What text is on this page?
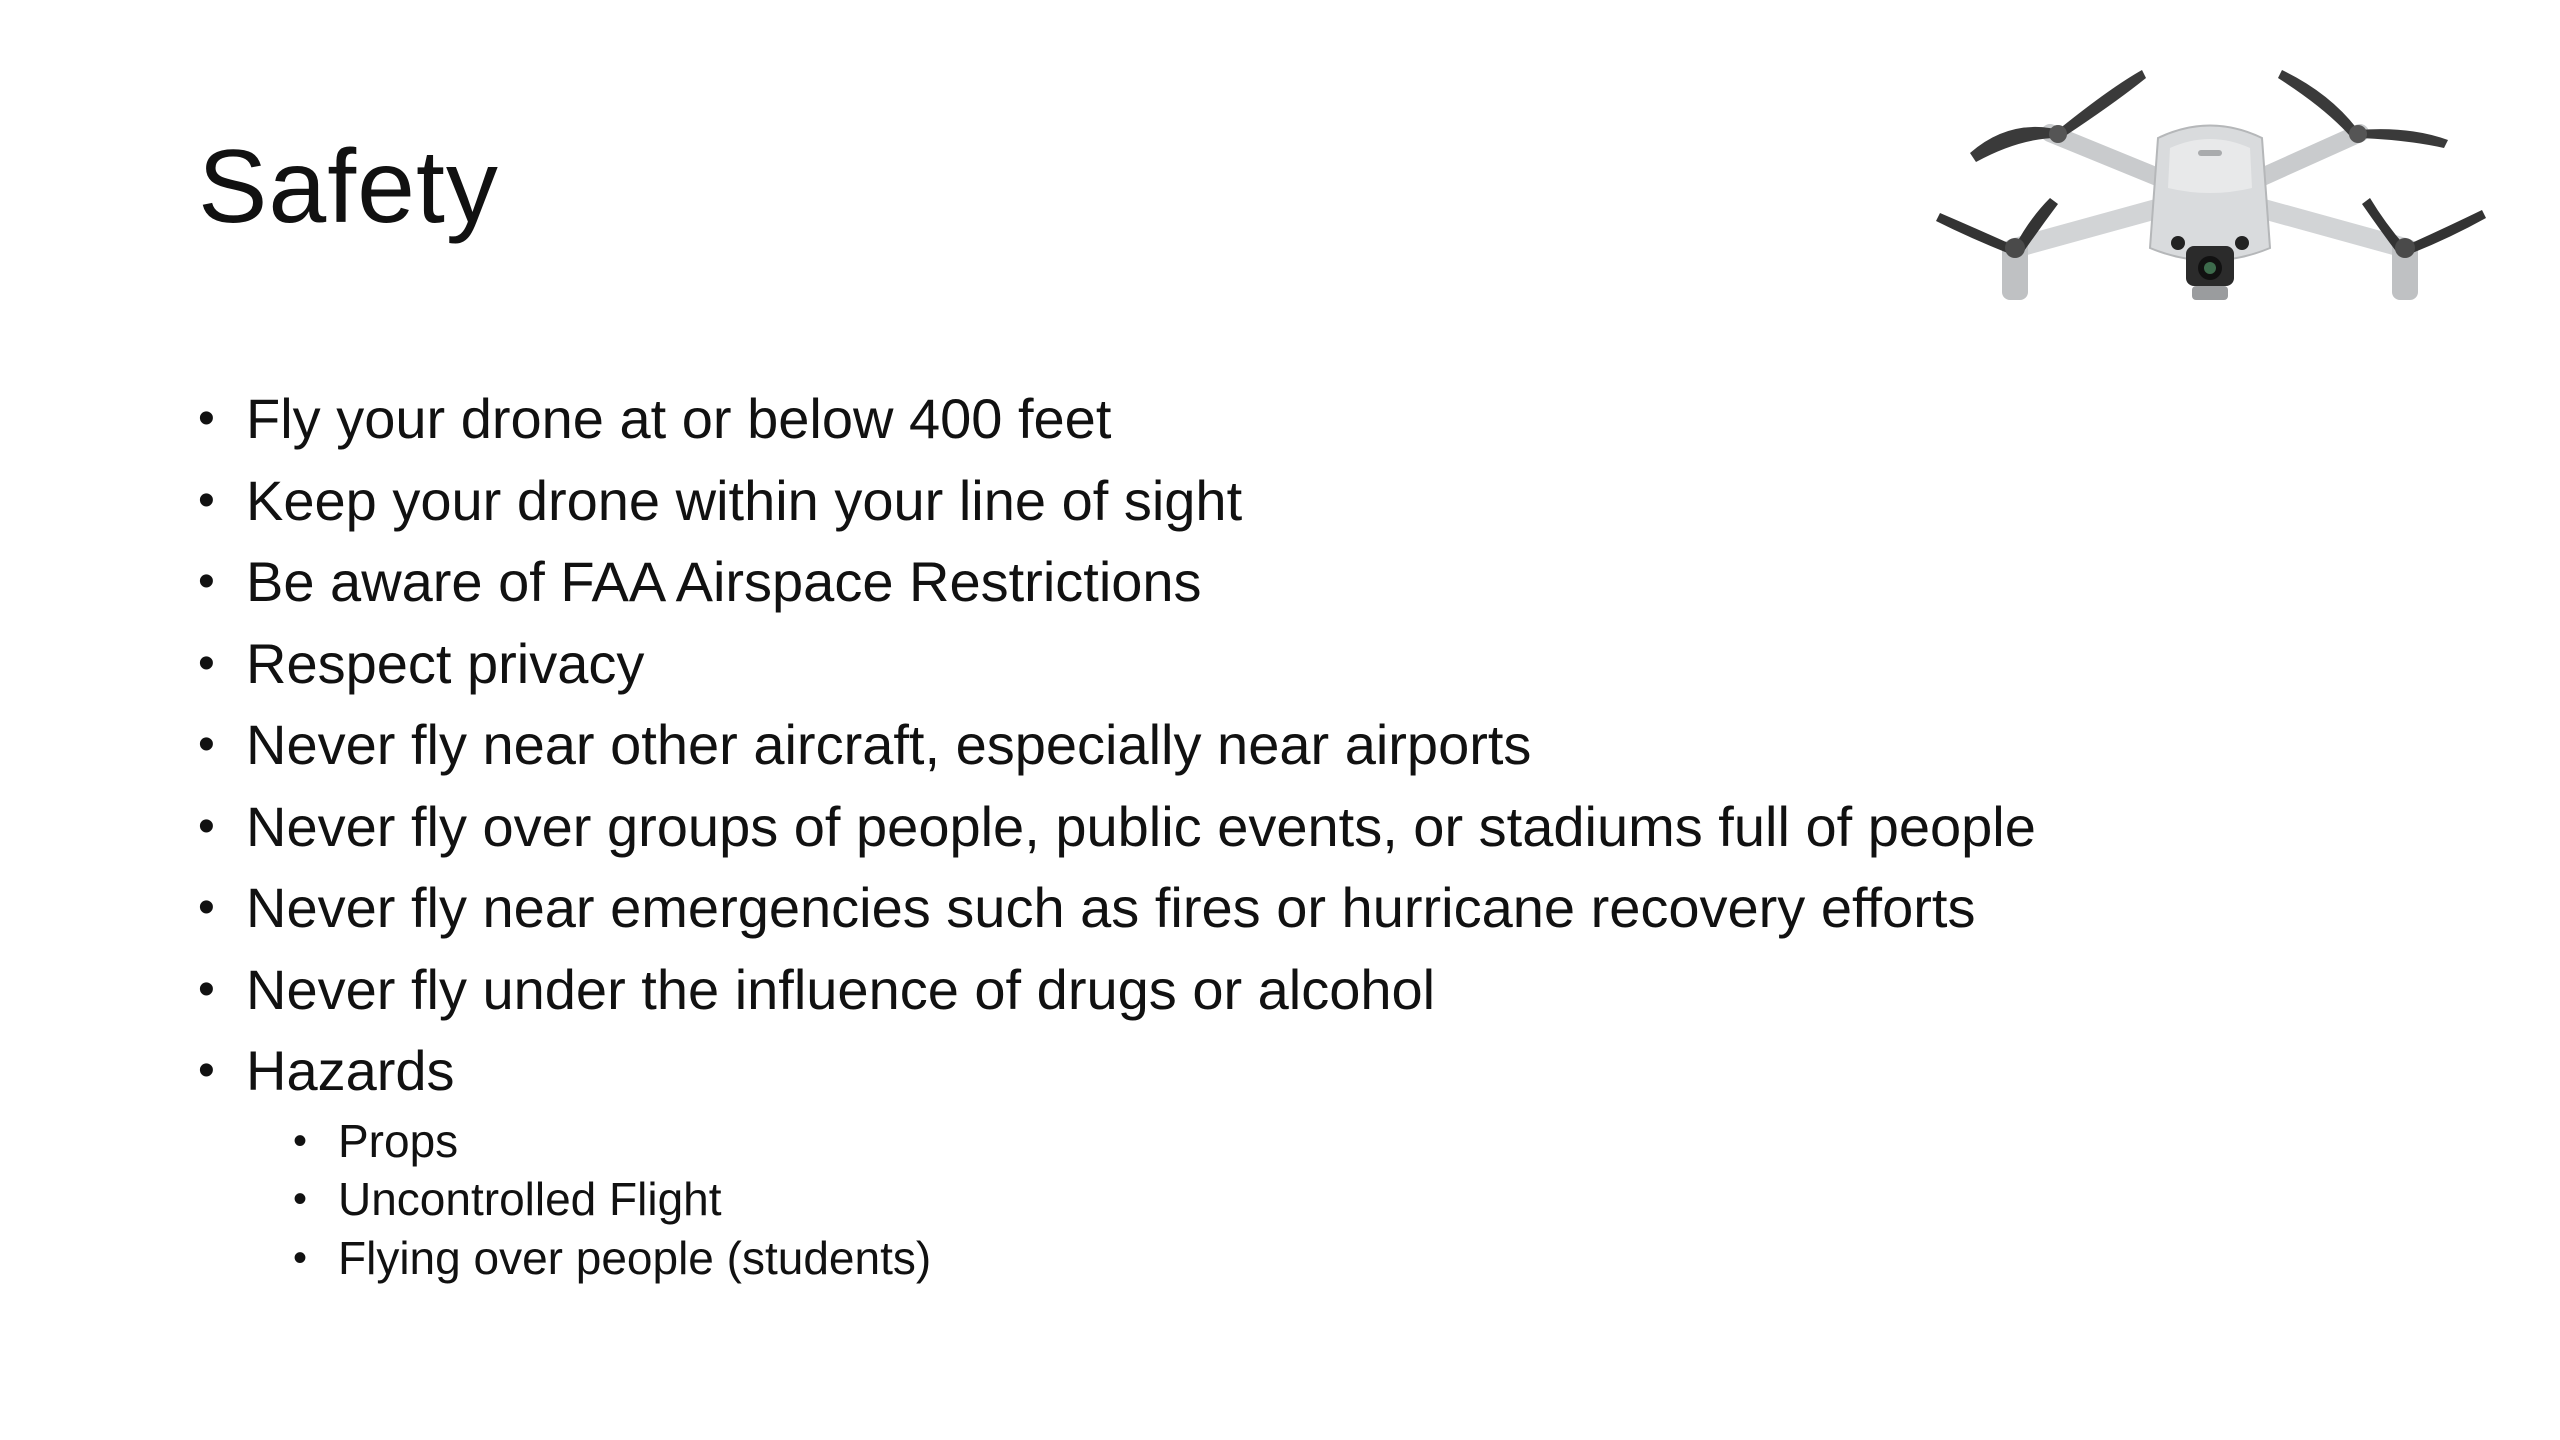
Safety
• Fly your drone at or below 400 feet
• Keep your drone within your line of sight
• Be aware of FAA Airspace Restrictions
• Respect privacy
• Never fly near other aircraft, especially near airports
• Never fly over groups of people, public events, or stadiums full of people
• Never fly near emergencies such as fires or hurricane recovery efforts
• Never fly under the influence of drugs or alcohol
• Hazards
• Props
• Uncontrolled Flight
• Flying over people (students)
